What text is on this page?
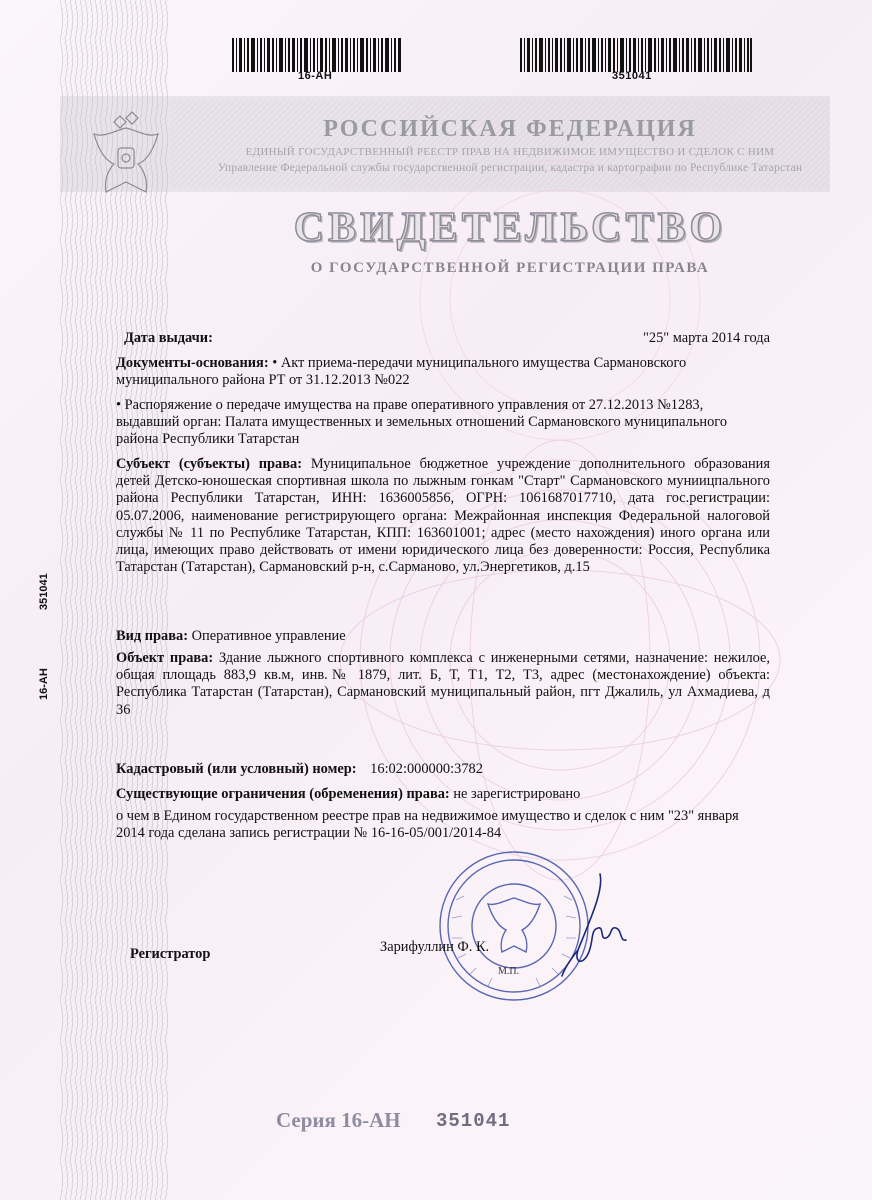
16-АН	351041
РОССИЙСКАЯ ФЕДЕРАЦИЯ
ЕДИНЫЙ ГОСУДАРСТВЕННЫЙ РЕЕСТР ПРАВ НА НЕДВИЖИМОЕ ИМУЩЕСТВО И СДЕЛОК С НИМ
Управление Федеральной службы государственной регистрации, кадастра и картографии по Республике Татарстан
СВИДЕТЕЛЬСТВО
О ГОСУДАРСТВЕННОЙ РЕГИСТРАЦИИ ПРАВА
16-АН
351041
Дата выдачи:	"25" марта 2014 года
Документы-основания: • Акт приема-передачи муниципального имущества Сармановского муниципального района РТ от 31.12.2013 №022
• Распоряжение о передаче имущества на праве оперативного управления от 27.12.2013 №1283, выдавший орган: Палата имущественных и земельных отношений Сармановского муниципального района Республики Татарстан
Субъект (субъекты) права: Муниципальное бюджетное учреждение дополнительного образования детей Детско-юношеская спортивная школа по лыжным гонкам "Старт" Сармановского муниицпального района Республики Татарстан, ИНН: 1636005856, ОГРН: 1061687017710, дата гос.регистрации: 05.07.2006, наименование регистрирующего органа: Межрайонная инспекция Федеральной налоговой службы № 11 по Республике Татарстан, КПП: 163601001; адрес (место нахождения) иного органа или лица, имеющих право действовать от имени юридического лица без доверенности: Россия, Республика Татарстан (Татарстан), Сармановский р-н, с.Сарманово, ул.Энергетиков, д.15
Вид права: Оперативное управление
Объект права: Здание лыжного спортивного комплекса с инженерными сетями, назначение: нежилое, общая площадь 883,9 кв.м, инв.№ 1879, лит. Б, Т, Т1, Т2, Т3, адрес (местонахождение) объекта: Республика Татарстан (Татарстан), Сармановский муниципальный район, пгт Джалиль, ул Ахмадиева, д 36
Кадастровый (или условный) номер: 16:02:000000:3782
Существующие ограничения (обременения) права: не зарегистрировано
о чем в Едином государственном реестре прав на недвижимое имущество и сделок с ним "23" января 2014 года сделана запись регистрации № 16-16-05/001/2014-84
Регистратор	Зарифуллин Ф. К.
М.П.
Серия 16-АН 351041
